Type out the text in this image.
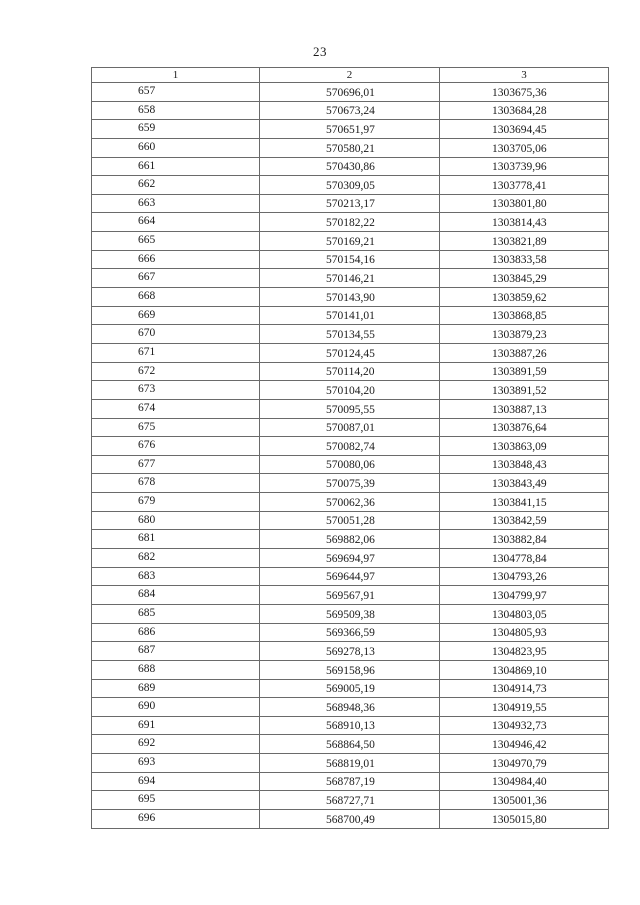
23
1	2	3
657	570696,01	1303675,36
658	570673,24	1303684,28
659	570651,97	1303694,45
660	570580,21	1303705,06
661	570430,86	1303739,96
662	570309,05	1303778,41
663	570213,17	1303801,80
664	570182,22	1303814,43
665	570169,21	1303821,89
666	570154,16	1303833,58
667	570146,21	1303845,29
668	570143,90	1303859,62
669	570141,01	1303868,85
670	570134,55	1303879,23
671	570124,45	1303887,26
672	570114,20	1303891,59
673	570104,20	1303891,52
674	570095,55	1303887,13
675	570087,01	1303876,64
676	570082,74	1303863,09
677	570080,06	1303848,43
678	570075,39	1303843,49
679	570062,36	1303841,15
680	570051,28	1303842,59
681	569882,06	1303882,84
682	569694,97	1304778,84
683	569644,97	1304793,26
684	569567,91	1304799,97
685	569509,38	1304803,05
686	569366,59	1304805,93
687	569278,13	1304823,95
688	569158,96	1304869,10
689	569005,19	1304914,73
690	568948,36	1304919,55
691	568910,13	1304932,73
692	568864,50	1304946,42
693	568819,01	1304970,79
694	568787,19	1304984,40
695	568727,71	1305001,36
696	568700,49	1305015,80
